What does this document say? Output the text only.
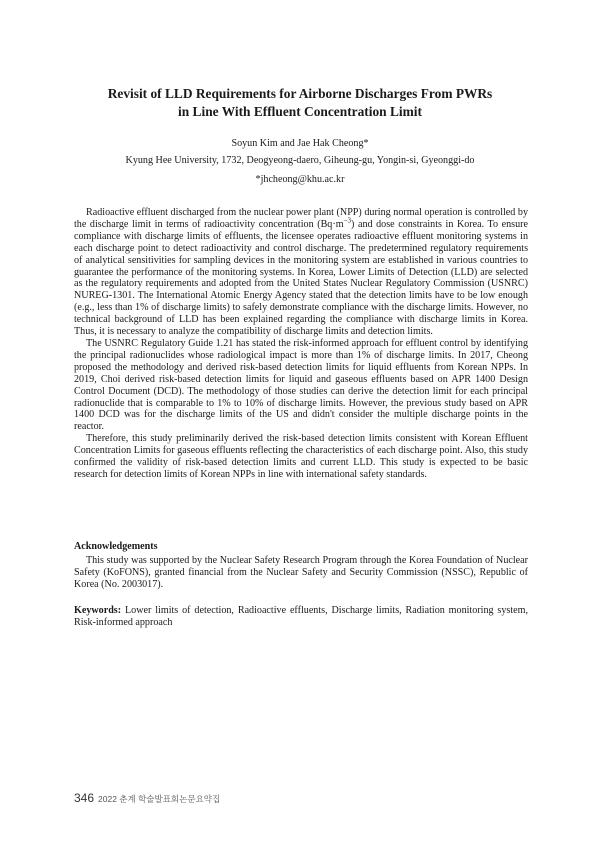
Revisit of LLD Requirements for Airborne Discharges From PWRs
in Line With Effluent Concentration Limit
Soyun Kim and Jae Hak Cheong*
Kyung Hee University, 1732, Deogyeong-daero, Giheung-gu, Yongin-si, Gyeonggi-do
*jhcheong@khu.ac.kr

Radioactive effluent discharged from the nuclear power plant (NPP) during normal operation is controlled by the discharge limit in terms of radioactivity concentration $(Bq\cdot m^{-3})$ and dose constraints in Korea. To ensure compliance with discharge limits of effluents, the licensee operates radioactive effluent monitoring systems in each discharge point to detect radioactivity and control discharge. The predetermined regulatory requirements of analytical sensitivities for sampling devices in the monitoring system are established in various countries to guarantee the performance of the monitoring systems. In Korea, Lower Limits of Detection (LLD) are selected as the regulatory requirements and adopted from the United States Nuclear Regulatory Commission (USNRC) NUREG-1301. The International Atomic Energy Agency stated that the detection limits have to be low enough (e.g., less than 1% of discharge limits) to safely demonstrate compliance with the discharge limits. However, no technical background of LLD has been explained regarding the compliance with discharge limits in Korea. Thus, it is necessary to analyze the compatibility of discharge limits and detection limits.

The USNRC Regulatory Guide 1.21 has stated the risk-informed approach for effluent control by identifying the principal radionuclides whose radiological impact is more than 1% of discharge limits. In 2017, Cheong proposed the methodology and derived risk-based detection limits for liquid effluents from Korean NPPs. In 2019, Choi derived risk-based detection limits for liquid and gaseous effluents based on APR 1400 Design Control Document (DCD). The methodology of those studies can derive the detection limit for each principal radionuclide that is comparable to 1% to 10% of discharge limits. However, the previous study based on APR 1400 DCD was for the discharge limits of the US and didn't consider the multiple discharge points in the reactor.

Therefore, this study preliminarily derived the risk-based detection limits consistent with Korean Effluent Concentration Limits for gaseous effluents reflecting the characteristics of each discharge point. Also, this study confirmed the validity of risk-based detection limits and current LLD. This study is expected to be basic research for detection limits of Korean NPPs in line with international safety standards.

Acknowledgements

This study was supported by the Nuclear Safety Research Program through the Korea Foundation of Nuclear Safety (KoFONS), granted financial from the Nuclear Safety and Security Commission (NSSC), Republic of Korea (No. 2003017).

Keywords: Lower limits of detection, Radioactive effluents, Discharge limits, Radiation monitoring system, Risk-informed approach

346 2022 춘계 학술발표회논문요약집
